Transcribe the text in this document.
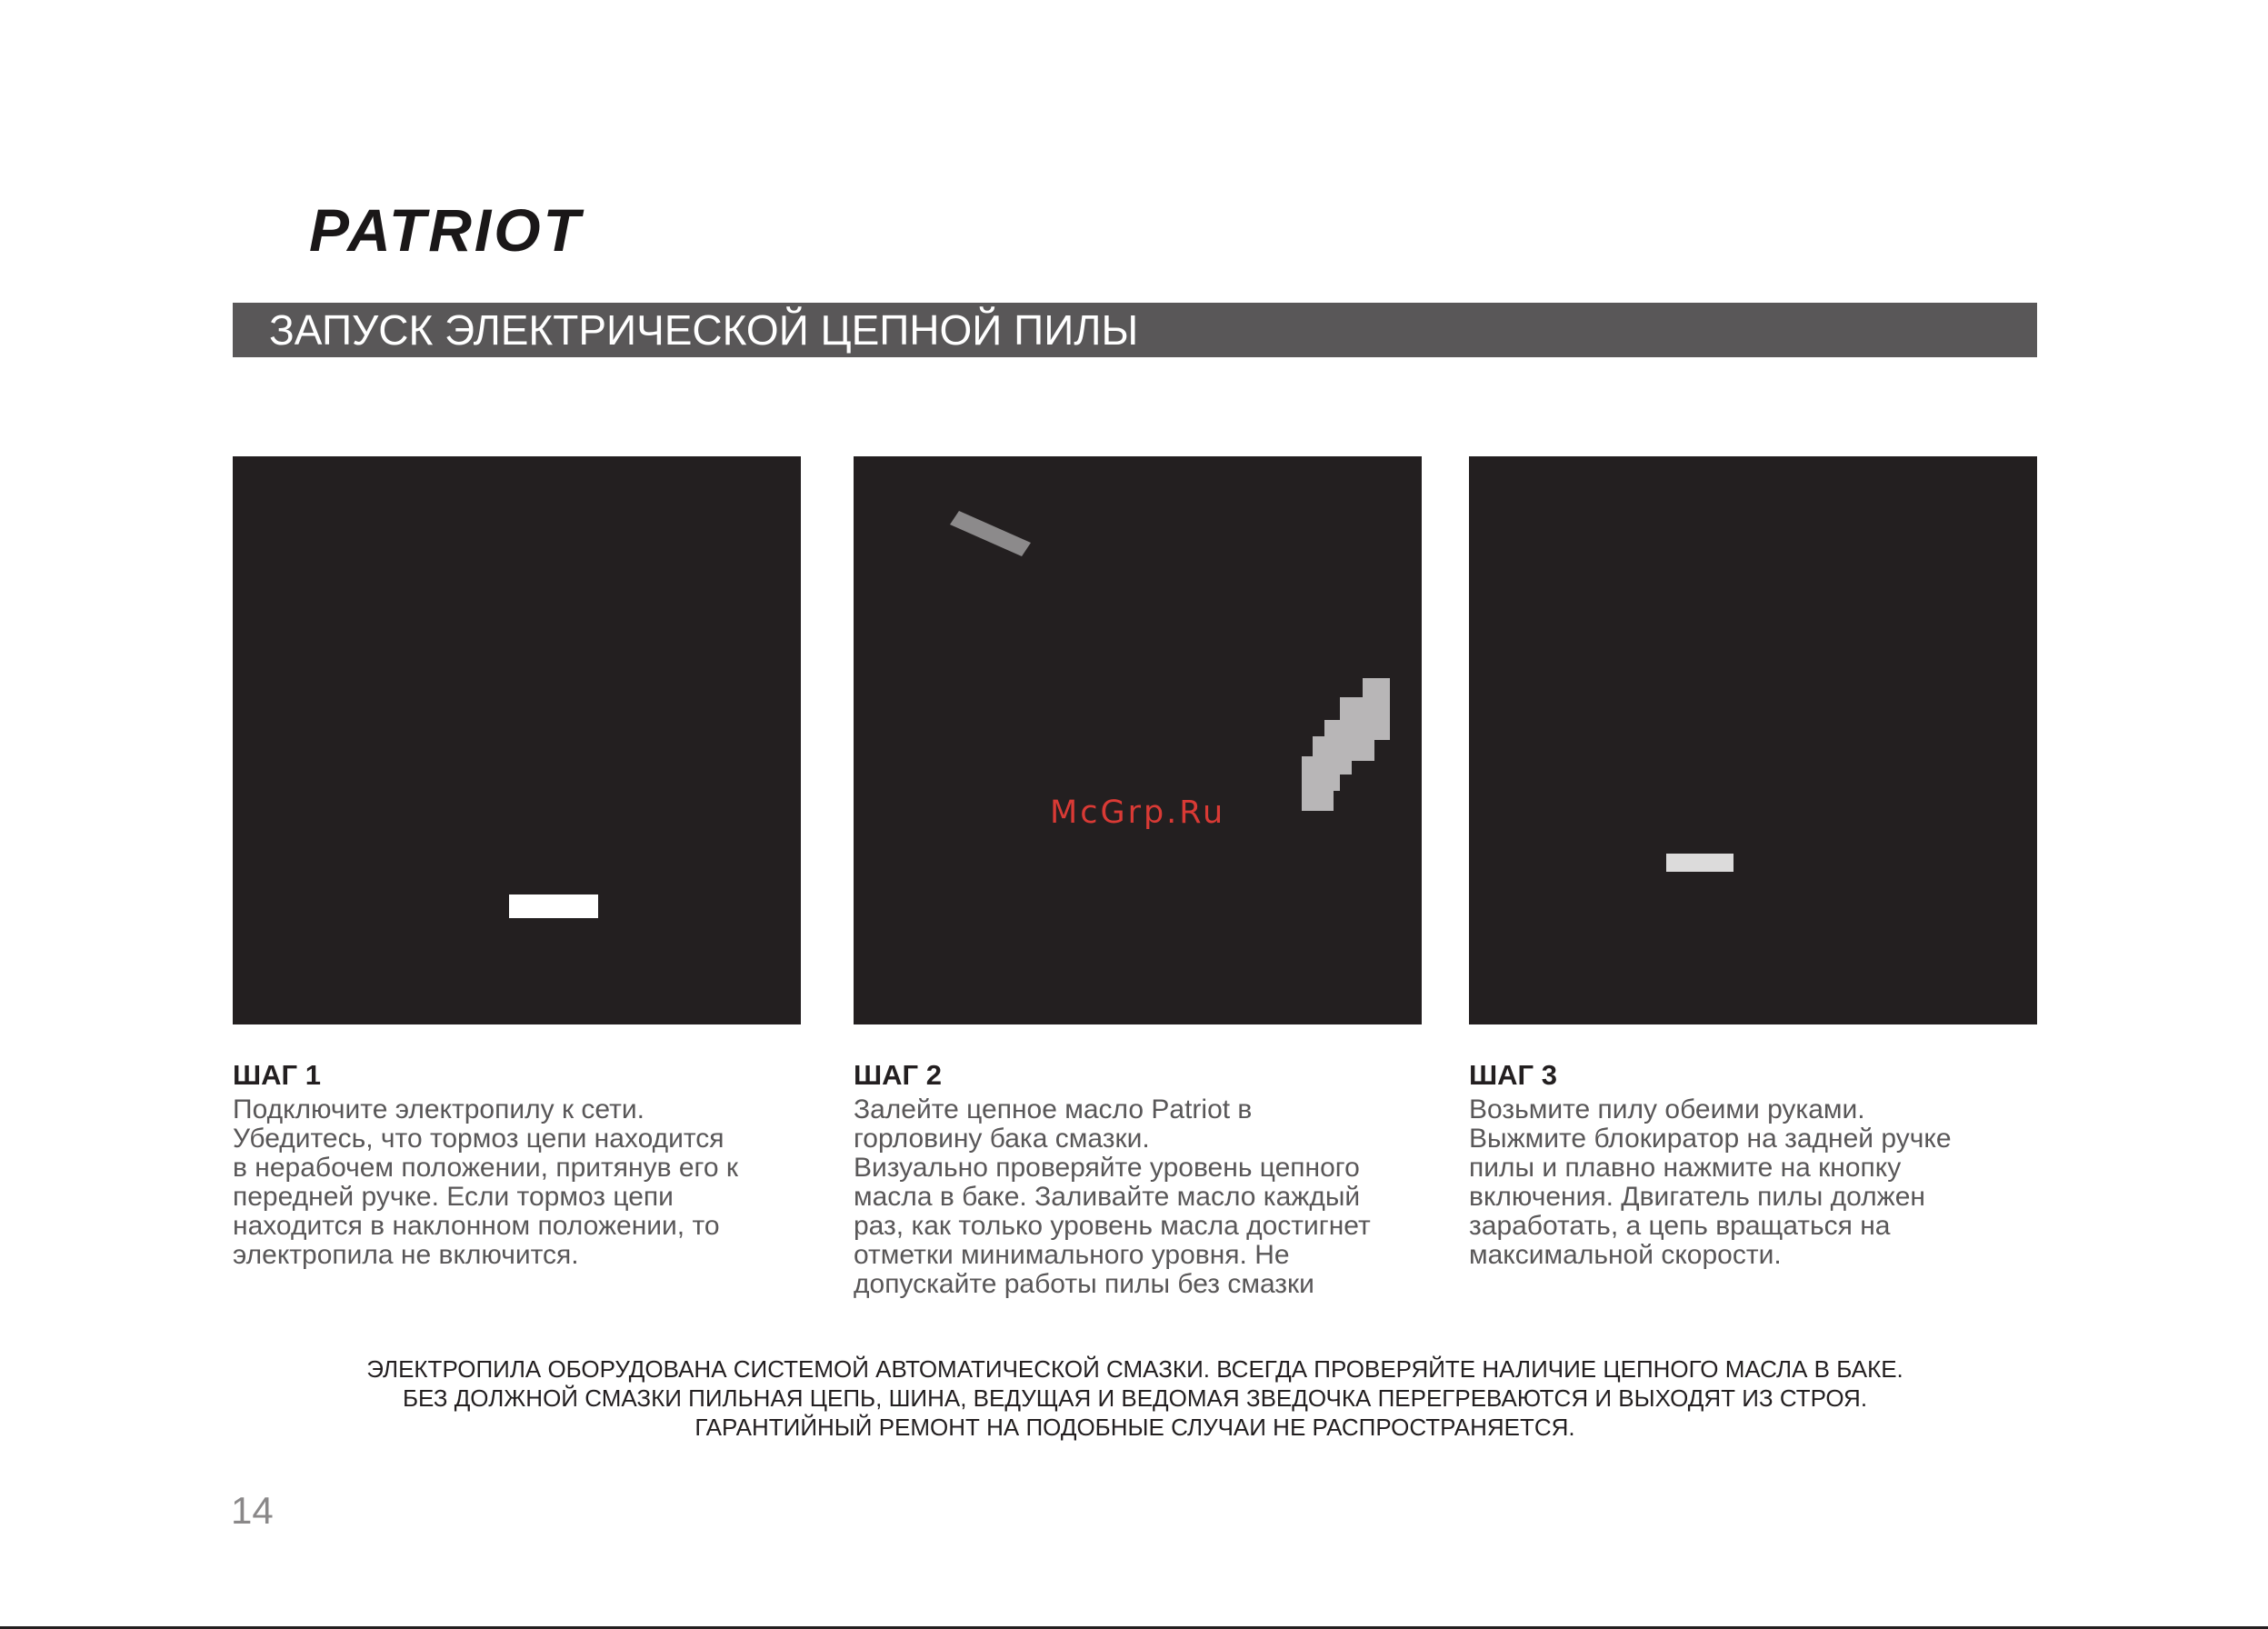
PATRIOT
ЗАПУСК ЭЛЕКТРИЧЕСКОЙ ЦЕПНОЙ ПИЛЫ
McGrp.Ru
ШАГ 1
Подключите электропилу к сети.
Убедитесь, что тормоз цепи находится
в нерабочем положении, притянув его к
передней ручке. Если тормоз цепи
находится в наклонном положении, то
электропила не включится.
ШАГ 2
Залейте цепное масло Patriot в
горловину бака смазки.
Визуально проверяйте уровень цепного
масла в баке. Заливайте масло каждый
раз, как только уровень масла достигнет
отметки минимального уровня. Не
допускайте работы пилы без смазки
ШАГ 3
Возьмите пилу обеими руками.
Выжмите блокиратор на задней ручке
пилы и плавно нажмите на кнопку
включения. Двигатель пилы должен
заработать, а цепь вращаться на
максимальной скорости.
ЭЛЕКТРОПИЛА ОБОРУДОВАНА СИСТЕМОЙ АВТОМАТИЧЕСКОЙ СМАЗКИ. ВСЕГДА ПРОВЕРЯЙТЕ НАЛИЧИЕ ЦЕПНОГО МАСЛА В БАКЕ.
БЕЗ ДОЛЖНОЙ СМАЗКИ ПИЛЬНАЯ ЦЕПЬ, ШИНА, ВЕДУЩАЯ И ВЕДОМАЯ ЗВЕДОЧКА ПЕРЕГРЕВАЮТСЯ И ВЫХОДЯТ ИЗ СТРОЯ.
ГАРАНТИЙНЫЙ РЕМОНТ НА ПОДОБНЫЕ СЛУЧАИ НЕ РАСПРОСТРАНЯЕТСЯ.
14
